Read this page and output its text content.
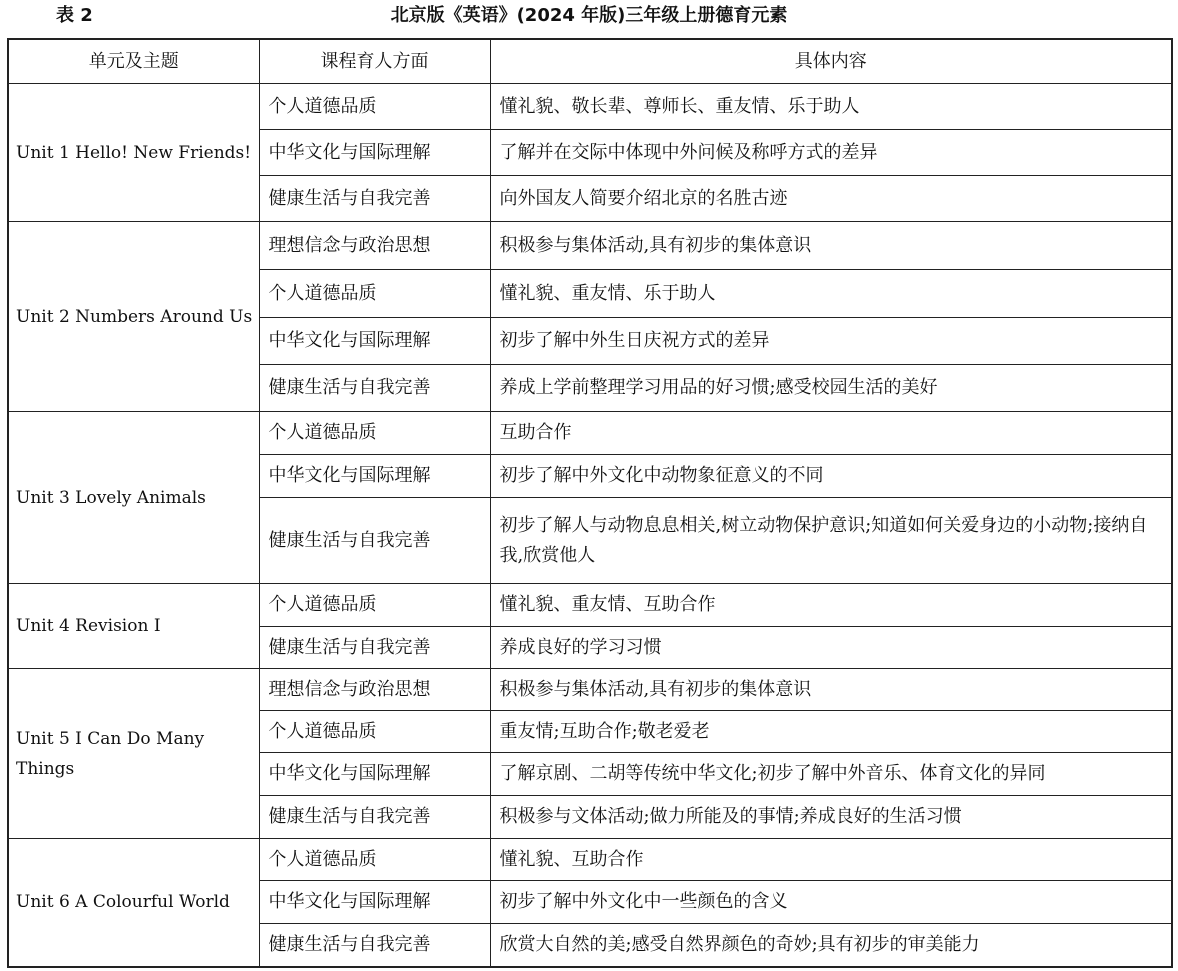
表 2	北京版《英语》(2024 年版)三年级上册德育元素
单元及主题	课程育人方面	具体内容
Unit 1 Hello! New Friends!	个人道德品质	懂礼貌、敬长辈、尊师长、重友情、乐于助人
	中华文化与国际理解	了解并在交际中体现中外问候及称呼方式的差异
	健康生活与自我完善	向外国友人简要介绍北京的名胜古迹
Unit 2 Numbers Around Us	理想信念与政治思想	积极参与集体活动,具有初步的集体意识
	个人道德品质	懂礼貌、重友情、乐于助人
	中华文化与国际理解	初步了解中外生日庆祝方式的差异
	健康生活与自我完善	养成上学前整理学习用品的好习惯;感受校园生活的美好
Unit 3 Lovely Animals	个人道德品质	互助合作
	中华文化与国际理解	初步了解中外文化中动物象征意义的不同
	健康生活与自我完善	初步了解人与动物息息相关,树立动物保护意识;知道如何关爱身边的小动物;接纳自我,欣赏他人
Unit 4 Revision Ⅰ	个人道德品质	懂礼貌、重友情、互助合作
	健康生活与自我完善	养成良好的学习习惯
Unit 5 I Can Do Many Things	理想信念与政治思想	积极参与集体活动,具有初步的集体意识
	个人道德品质	重友情;互助合作;敬老爱老
	中华文化与国际理解	了解京剧、二胡等传统中华文化;初步了解中外音乐、体育文化的异同
	健康生活与自我完善	积极参与文体活动;做力所能及的事情;养成良好的生活习惯
Unit 6 A Colourful World	个人道德品质	懂礼貌、互助合作
	中华文化与国际理解	初步了解中外文化中一些颜色的含义
	健康生活与自我完善	欣赏大自然的美;感受自然界颜色的奇妙;具有初步的审美能力
